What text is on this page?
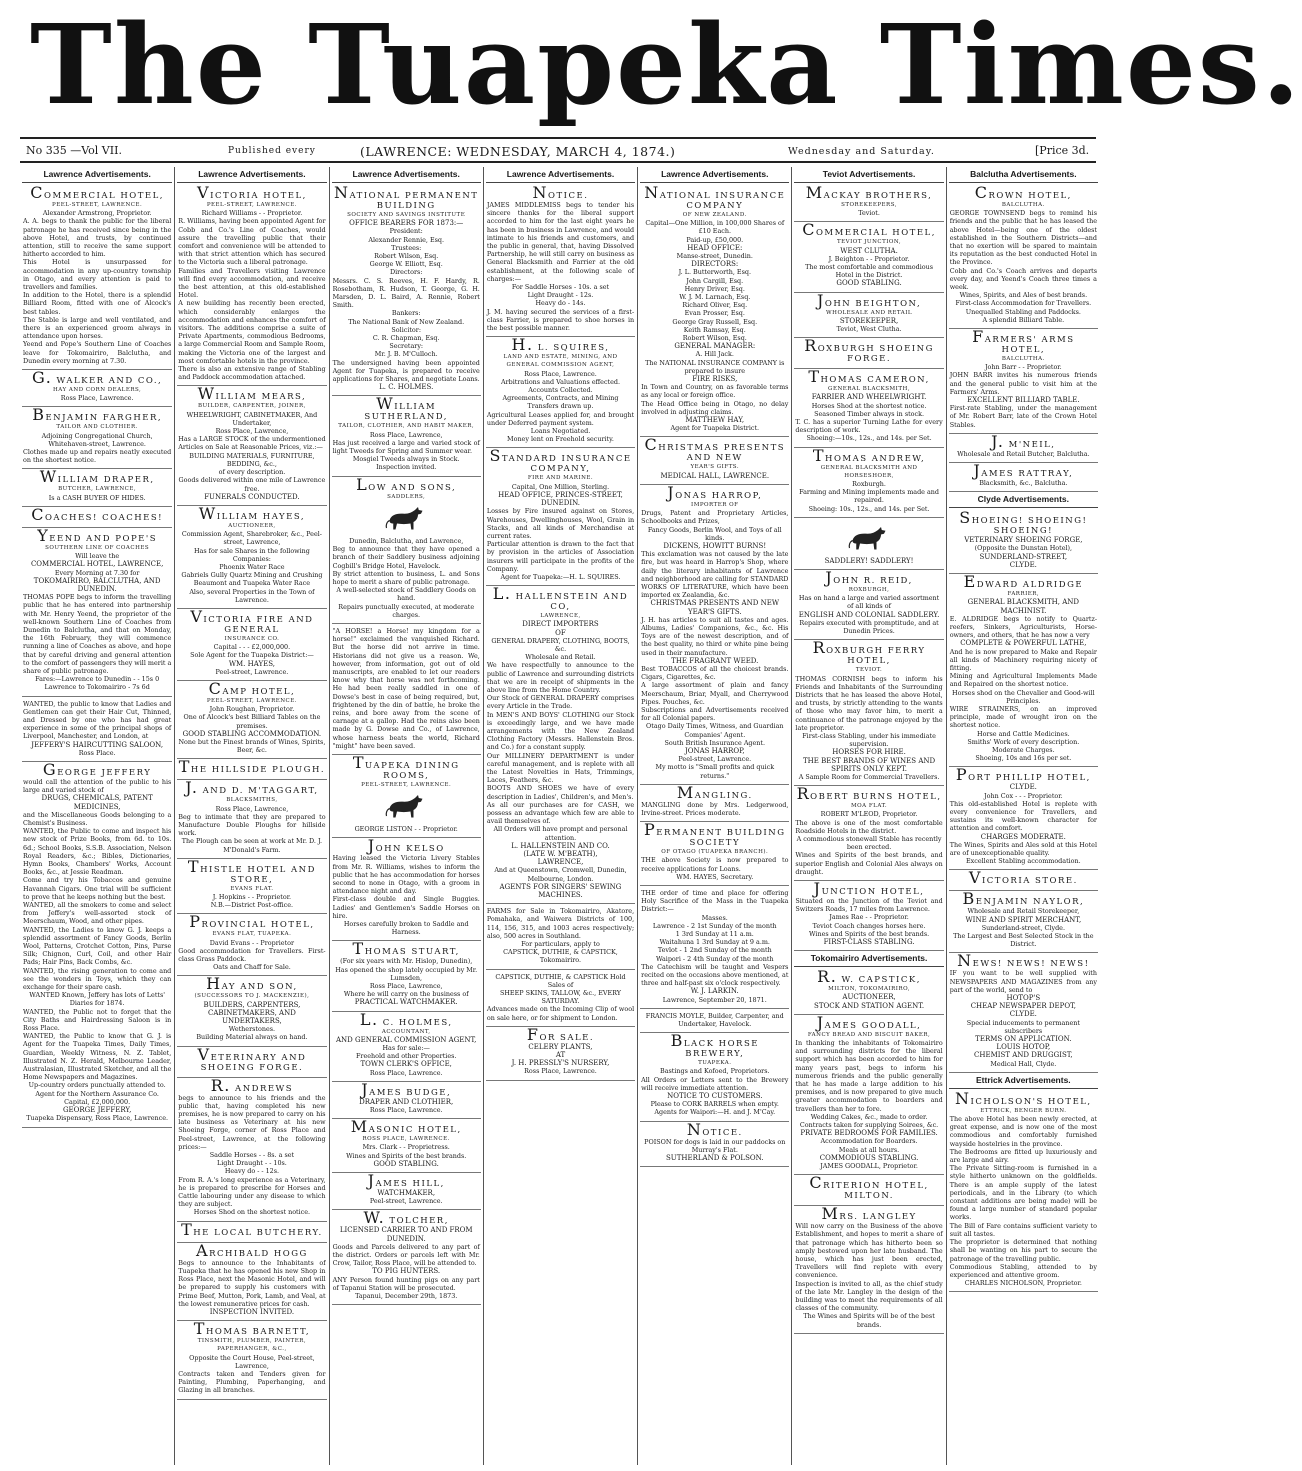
The Tuapeka Times.
No 335 —Vol VII.	Published every	(LAWRENCE: WEDNESDAY, MARCH 4, 1874.)	Wednesday and Saturday.	[Price 3d.
Lawrence Advertisements.
COMMERCIAL HOTEL,
PEEL-STREET, LAWRENCE.
Alexander Armstrong, Proprietor.
A. A. begs to thank the public for the liberal patronage he has received since being in the above Hotel, and trusts, by continued attention, still to receive the same support hitherto accorded to him.
This Hotel is unsurpassed for accommodation in any up-country township in Otago, and every attention is paid to travellers and families.
In addition to the Hotel, there is a splendid Billiard Room, fitted with one of Alcock's best tables.
The Stable is large and well ventilated, and there is an experienced groom always in attendance upon horses.
Yeend and Pope's Southern Line of Coaches leave for Tokomairiro, Balclutha, and Dunedin every morning at 7.30.
G. WALKER AND CO.,
HAY AND CORN DEALERS,
Ross Place, Lawrence.
BENJAMIN FARGHER,
TAILOR AND CLOTHIER.
Adjoining Congregational Church,
Whitehaven-street, Lawrence.
Clothes made up and repairs neatly executed on the shortest notice.
WILLIAM DRAPER,
BUTCHER, LAWRENCE,
Is a CASH BUYER OF HIDES.
COACHES! COACHES!
YEEND AND POPE'S
SOUTHERN LINE OF COACHES
Will leave the
COMMERCIAL HOTEL, LAWRENCE,
Every Morning at 7.30 for
TOKOMAIRIRO, BALCLUTHA, AND DUNEDIN.
THOMAS POPE begs to inform the travelling public that he has entered into partnership with Mr. Henry Yeend, the proprietor of the well-known Southern Line of Coaches from Dunedin to Balclutha, and that on Monday, the 16th February, they will commence running a line of Coaches as above, and hope that by careful driving and general attention to the comfort of passengers they will merit a share of public patronage.
Fares:—Lawrence to Dunedin - - 15s 0
Lawrence to Tokomairiro - 7s 6d
WANTED, the public to know that Ladies and Gentlemen can get their Hair Cut, Thinned, and Dressed by one who has had great experience in some of the principal shops of Liverpool, Manchester, and London, at
JEFFERY'S HAIRCUTTING SALOON,
Ross Place.
GEORGE JEFFERY
would call the attention of the public to his large and varied stock of
DRUGS, CHEMICALS, PATENT MEDICINES,
and the Miscellaneous Goods belonging to a Chemist's Business.
WANTED, the Public to come and inspect his new stock of Prize Books, from 6d. to 10s. 6d.; School Books, S.S.B. Association, Nelson Royal Readers, &c.; Bibles, Dictionaries, Hymn Books, Chambers' Works, Account Books, &c., at Jessie Readman.
Come and try his Tobaccos and genuine Havannah Cigars. One trial will be sufficient to prove that he keeps nothing but the best.
WANTED, all the smokers to come and select from Jeffery's well-assorted stock of Meerschaum, Wood, and other pipes.
WANTED, the Ladies to know G. J. keeps a splendid assortment of Fancy Goods, Berlin Wool, Patterns, Crotchet Cotton, Pins, Purse Silk; Chignon, Curl, Coil, and other Hair Pads; Hair Pins, Back Combs, &c.
WANTED, the rising generation to come and see the wonders in Toys, which they can exchange for their spare cash.
WANTED Known, Jeffery has lots of Letts' Diaries for 1874.
WANTED, the Public not to forget that the City Baths and Hairdressing Saloon is in Ross Place.
WANTED, the Public to know that G. J. is Agent for the Tuapeka Times, Daily Times, Guardian, Weekly Witness, N. Z. Tablet, Illustrated N. Z. Herald, Melbourne Leader, Australasian, Illustrated Sketcher, and all the Home Newspapers and Magazines.
Up-country orders punctually attended to.
Agent for the Northern Assurance Co. Capital, £2,000,000.
GEORGE JEFFERY,
Tuapeka Dispensary, Ross Place, Lawrence.
Lawrence Advertisements.
VICTORIA HOTEL,
PEEL-STREET, LAWRENCE.
Richard Williams - - Proprietor.
R. Williams, having been appointed Agent for Cobb and Co.'s Line of Coaches, would assure the travelling public that their comfort and convenience will be attended to with that strict attention which has secured to the Victoria such a liberal patronage.
Families and Travellers visiting Lawrence will find every accommodation, and receive the best attention, at this old-established Hotel.
A new building has recently been erected, which considerably enlarges the accommodation and enhances the comfort of visitors. The additions comprise a suite of Private Apartments, commodious Bedrooms, a large Commercial Room and Sample Room, making the Victoria one of the largest and most comfortable hotels in the province.
There is also an extensive range of Stabling and Paddock accommodation attached.
WILLIAM MEARS,
BUILDER, CARPENTER, JOINER,
WHEELWRIGHT, CABINETMAKER, And Undertaker,
Ross Place, Lawrence,
Has a LARGE STOCK of the undermentioned Articles on Sale at Reasonable Prices, viz.:—
BUILDING MATERIALS, FURNITURE, BEDDING, &c.,
of every description.
Goods delivered within one mile of Lawrence free.
FUNERALS CONDUCTED.
WILLIAM HAYES,
AUCTIONEER,
Commission Agent, Sharebroker, &c., Peel-street, Lawrence,
Has for sale Shares in the following Companies:
Phoenix Water Race
Gabriels Gully Quartz Mining and Crushing
Beaumont and Tuapeka Water Race
Also, several Properties in the Town of Lawrence.
VICTORIA FIRE AND GENERAL
INSURANCE CO.
Capital - - - £2,000,000.
Sole Agent for the Tuapeka District:—
WM. HAYES,
Peel-street, Lawrence.
CAMP HOTEL,
PEEL-STREET, LAWRENCE.
John Roughan, Proprietor.
One of Alcock's best Billiard Tables on the premises.
GOOD STABLING ACCOMMODATION.
None but the Finest brands of Wines, Spirits, Beer, &c.
THE HILLSIDE PLOUGH.
J. AND D. M'TAGGART,
BLACKSMITHS,
Ross Place, Lawrence,
Beg to intimate that they are prepared to Manufacture Double Ploughs for hillside work.
The Plough can be seen at work at Mr. D. J. M'Donald's Farm.
THISTLE HOTEL AND STORE,
EVANS FLAT.
J. Hopkins - - Proprietor.
N.B.—District Post-office.
PROVINCIAL HOTEL,
EVANS FLAT, TUAPEKA.
David Evans - - Proprietor
Good accommodation for Travellers. First-class Grass Paddock.
Oats and Chaff for Sale.
HAY AND SON,
(SUCCESSORS TO J. MACKENZIE),
BUILDERS, CARPENTERS, CABINETMAKERS, AND UNDERTAKERS,
Wetherstones.
Building Material always on hand.
VETERINARY AND SHOEING FORGE.
R. ANDREWS
begs to announce to his friends and the public that, having completed his new premises, he is now prepared to carry on his late business as Veterinary at his new Shoeing Forge, corner of Ross Place and Peel-street, Lawrence, at the following prices:—
Saddle Horses - - 8s. a set
Light Draught - - 10s.
Heavy do - - 12s.
From R. A.'s long experience as a Veterinary, he is prepared to prescribe for Horses and Cattle labouring under any disease to which they are subject.
Horses Shod on the shortest notice.
THE LOCAL BUTCHERY.
ARCHIBALD HOGG
Begs to announce to the Inhabitants of Tuapeka that he has opened his new Shop in Ross Place, next the Masonic Hotel, and will be prepared to supply his customers with Prime Beef, Mutton, Pork, Lamb, and Veal, at the lowest remunerative prices for cash.
INSPECTION INVITED.
THOMAS BARNETT,
TINSMITH, PLUMBER, PAINTER, PAPERHANGER, &C.,
Opposite the Court House, Peel-street, Lawrence,
Contracts taken and Tenders given for Painting, Plumbing, Paperhanging, and Glazing in all branches.
Lawrence Advertisements.
NATIONAL PERMANENT BUILDING
SOCIETY AND SAVINGS INSTITUTE
OFFICE BEARERS FOR 1873:—
President:
Alexander Rennie, Esq.
Trustees:
Robert Wilson, Esq.
George W. Elliott, Esq.
Directors:
Messrs. C. S. Reeves, H. F. Hardy, R. Rosebotham, R. Hudson, T. George, G. H. Marsden, D. L. Baird, A. Rennie, Robert Smith.
Bankers:
The National Bank of New Zealand.
Solicitor:
C. R. Chapman, Esq.
Secretary:
Mr. J. B. M'Culloch.
The undersigned having been appointed Agent for Tuapeka, is prepared to receive applications for Shares, and negotiate Loans.
L. C. HOLMES.
WILLIAM SUTHERLAND,
TAILOR, CLOTHIER, AND HABIT MAKER,
Ross Place, Lawrence,
Has just received a large and varied stock of light Tweeds for Spring and Summer wear.
Mosgiel Tweeds always in Stock.
Inspection invited.
LOW AND SONS,
SADDLERS,
Dunedin, Balclutha, and Lawrence,
Beg to announce that they have opened a branch of their Saddlery business adjoining Cogbill's Bridge Hotel, Havelock.
By strict attention to business, L. and Sons hope to merit a share of public patronage.
A well-selected stock of Saddlery Goods on hand.
Repairs punctually executed, at moderate charges.
"A HORSE! a Horse! my kingdom for a horse!" exclaimed the vanquished Richard. But the horse did not arrive in time. Historians did not give us a reason. We, however, from information, got out of old manuscripts, are enabled to let our readers know why that horse was not forthcoming. He had been really saddled in one of Dowse's best in case of being required, but, frightened by the din of battle, he broke the reins, and bore away from the scene of carnage at a gallop. Had the reins also been made by G. Dowse and Co., of Lawrence, whose harness beats the world, Richard "might" have been saved.
TUAPEKA DINING ROOMS,
PEEL-STREET, LAWRENCE.
GEORGE LISTON - - Proprietor.
JOHN KELSO
Having leased the Victoria Livery Stables from Mr. R. Williams, wishes to inform the public that he has accommodation for horses second to none in Otago, with a groom in attendance night and day.
First-class double and Single Buggies. Ladies' and Gentlemen's Saddle Horses on hire.
Horses carefully broken to Saddle and Harness.
THOMAS STUART,
(For six years with Mr. Hislop, Dunedin),
Has opened the shop lately occupied by Mr. Lumsden,
Ross Place, Lawrence,
Where he will carry on the business of
PRACTICAL WATCHMAKER.
L. C. HOLMES,
ACCOUNTANT,
AND GENERAL COMMISSION AGENT,
Has for sale:—
Freehold and other Properties.
TOWN CLERK'S OFFICE,
Ross Place, Lawrence.
JAMES BUDGE,
DRAPER AND CLOTHIER,
Ross Place, Lawrence.
MASONIC HOTEL,
ROSS PLACE, LAWRENCE.
Mrs. Clark - - Proprietress.
Wines and Spirits of the best brands.
GOOD STABLING.
JAMES HILL,
WATCHMAKER,
Peel-street, Lawrence.
W. TOLCHER,
LICENSED CARRIER TO AND FROM DUNEDIN.
Goods and Parcels delivered to any part of the district. Orders or parcels left with Mr. Crow, Tailor, Ross Place, will be attended to.
TO PIG HUNTERS.
ANY Person found hunting pigs on any part of Tapanui Station will be prosecuted.
Tapanui, December 29th, 1873.
Lawrence Advertisements.
NOTICE.
JAMES MIDDLEMISS begs to tender his sincere thanks for the liberal support accorded to him for the last eight years he has been in business in Lawrence, and would intimate to his friends and customers, and the public in general, that, having Dissolved Partnership, he will still carry on business as General Blacksmith and Farrier at the old establishment, at the following scale of charges:—
For Saddle Horses - 10s. a set
Light Draught - 12s.
Heavy do - 14s.
J. M. having secured the services of a first-class Farrier, is prepared to shoe horses in the best possible manner.
H. L. SQUIRES,
LAND AND ESTATE, MINING, AND GENERAL COMMISSION AGENT,
Ross Place, Lawrence.
Arbitrations and Valuations effected.
Accounts Collected.
Agreements, Contracts, and Mining Transfers drawn up.
Agricultural Leases applied for, and brought under Deferred payment system.
Loans Negotiated.
Money lent on Freehold security.
STANDARD INSURANCE COMPANY,
FIRE AND MARINE.
Capital, One Million, Sterling.
HEAD OFFICE, PRINCES-STREET, DUNEDIN.
Losses by Fire insured against on Stores, Warehouses, Dwellinghouses, Wool, Grain in Stacks, and all kinds of Merchandise at current rates.
Particular attention is drawn to the fact that by provision in the articles of Association insurers will participate in the profits of the Company.
Agent for Tuapeka:—H. L. SQUIRES.
L. HALLENSTEIN AND CO,
LAWRENCE,
DIRECT IMPORTERS
OF
GENERAL DRAPERY, CLOTHING, BOOTS, &c.
Wholesale and Retail.
We have respectfully to announce to the public of Lawrence and surrounding districts that we are in receipt of shipments in the above line from the Home Country.
Our Stock of GENERAL DRAPERY comprises every Article in the Trade.
In MEN'S AND BOYS' CLOTHING our Stock is exceedingly large, and we have made arrangements with the New Zealand Clothing Factory (Messrs. Hallenstein Bros. and Co.) for a constant supply.
Our MILLINERY DEPARTMENT is under careful management, and is replete with all the Latest Novelties in Hats, Trimmings, Laces, Feathers, &c.
BOOTS AND SHOES we have of every description in Ladies', Children's, and Men's.
As all our purchases are for CASH, we possess an advantage which few are able to avail themselves of.
All Orders will have prompt and personal attention.
L. HALLENSTEIN AND CO.
(LATE W. M'BEATH),
LAWRENCE,
And at Queenstown, Cromwell, Dunedin, Melbourne, London.
AGENTS FOR SINGERS' SEWING MACHINES.
FARMS for Sale in Tokomairiro, Akatore, Pomahaka, and Waiwera Districts of 100, 114, 156, 315, and 1003 acres respectively; also, 500 acres in Southland.
For particulars, apply to
CAPSTICK, DUTHIE, & CAPSTICK, Tokomairiro.
CAPSTICK, DUTHIE, & CAPSTICK Hold Sales of
SHEEP SKINS, TALLOW, &c., EVERY SATURDAY.
Advances made on the Incoming Clip of wool on sale here, or for shipment to London.
FOR SALE.
CELERY PLANTS,
AT
J. H. PRESSLY'S NURSERY,
Ross Place, Lawrence.
Lawrence Advertisements.
NATIONAL INSURANCE COMPANY
OF NEW ZEALAND.
Capital—One Million, in 100,000 Shares of £10 Each.
Paid-up, £50,000.
HEAD OFFICE:
Manse-street, Dunedin.
DIRECTORS:
J. L. Butterworth, Esq.
John Cargill, Esq.
Henry Driver, Esq.
W. J. M. Larnach, Esq.
Richard Oliver, Esq.
Evan Prosser, Esq.
George Gray Russell, Esq.
Keith Ramsay, Esq.
Robert Wilson, Esq.
GENERAL MANAGER:
A. Hill Jack.
The NATIONAL INSURANCE COMPANY is prepared to insure
FIRE RISKS,
In Town and Country, on as favorable terms as any local or foreign office.
The Head Office being in Otago, no delay involved in adjusting claims.
MATTHEW HAY,
Agent for Tuapeka District.
CHRISTMAS PRESENTS AND NEW
YEAR'S GIFTS.
MEDICAL HALL, LAWRENCE.
JONAS HARROP,
IMPORTER OF
Drugs, Patent and Proprietary Articles, Schoolbooks and Prizes,
Fancy Goods, Berlin Wool, and Toys of all kinds.
DICKENS, HOWITT BURNS!
This exclamation was not caused by the late fire, but was heard in Harrop's Shop, where daily the literary inhabitants of Lawrence and neighborhood are calling for STANDARD WORKS OF LITERATURE, which have been imported ex Zealandia, &c.
CHRISTMAS PRESENTS AND NEW YEAR'S GIFTS.
J. H. has articles to suit all tastes and ages. Albums, Ladies' Companions, &c., &c. His Toys are of the newest description, and of the best quality, no third or white pine being used in their manufacture.
THE FRAGRANT WEED.
Best TOBACCOS of all the choicest brands. Cigars, Cigarettes, &c.
A large assortment of plain and fancy Meerschaum, Briar, Myall, and Cherrywood Pipes. Pouches, &c.
Subscriptions and Advertisements received for all Colonial papers.
Otago Daily Times, Witness, and Guardian Companies' Agent.
South British Insurance Agent.
JONAS HARROP,
Peel-street, Lawrence.
My motto is "Small profits and quick returns."
MANGLING.
MANGLING done by Mrs. Ledgerwood, Irvine-street. Prices moderate.
PERMANENT BUILDING SOCIETY
OF OTAGO (TUAPEKA BRANCH).
THE above Society is now prepared to receive applications for Loans.
WM. HAYES, Secretary.
THE order of time and place for offering Holy Sacrifice of the Mass in the Tuapeka District:—
Masses.
Lawrence - 2 1st Sunday of the month
1 3rd Sunday at 11 a.m.
Waitahuna 1 3rd Sunday at 9 a.m.
Tevlot - 1 2nd Sunday of the month
Waipori - 2 4th Sunday of the month
The Catechism will be taught and Vespers recited on the occasions above mentioned, at three and half-past six o'clock respectively.
W. J. LARKIN.
Lawrence, September 20, 1871.
FRANCIS MOYLE, Builder, Carpenter, and Undertaker, Havelock.
BLACK HORSE BREWERY,
TUAPEKA.
Bastings and Kofoed, Proprietors.
All Orders or Letters sent to the Brewery will receive immediate attention.
NOTICE TO CUSTOMERS.
Please to CORK BARRELS when empty.
Agents for Waipori:—H. and J. M'Cay.
NOTICE.
POISON for dogs is laid in our paddocks on Murray's Flat.
SUTHERLAND & POLSON.
Teviot Advertisements.
MACKAY BROTHERS,
STOREKEEPERS,
Teviot.
COMMERCIAL HOTEL,
TEVIOT JUNCTION,
WEST CLUTHA.
J. Beighton - - Proprietor.
The most comfortable and commodious Hotel in the District.
GOOD STABLING.
JOHN BEIGHTON,
WHOLESALE AND RETAIL
STOREKEEPER,
Teviot, West Clutha.
ROXBURGH SHOEING FORGE.
THOMAS CAMERON,
GENERAL BLACKSMITH,
FARRIER AND WHEELWRIGHT.
Horses Shod at the shortest notice.
Seasoned Timber always in stock.
T. C. has a superior Turning Lathe for every description of work.
Shoeing:—10s., 12s., and 14s. per Set.
THOMAS ANDREW,
GENERAL BLACKSMITH AND HORSESHOER,
Roxburgh.
Farming and Mining implements made and repaired.
Shoeing: 10s., 12s., and 14s. per Set.
SADDLERY! SADDLERY!
JOHN R. REID,
ROXBURGH,
Has on hand a large and varied assortment of all kinds of
ENGLISH AND COLONIAL SADDLERY.
Repairs executed with promptitude, and at Dunedin Prices.
ROXBURGH FERRY HOTEL,
TEVIOT.
THOMAS CORNISH begs to inform his Friends and Inhabitants of the Surrounding Districts that he has leased the above Hotel, and trusts, by strictly attending to the wants of those who may favor him, to merit a continuance of the patronage enjoyed by the late proprietor.
First-class Stabling, under his immediate supervision.
HORSES FOR HIRE.
THE BEST BRANDS OF WINES AND SPIRITS ONLY KEPT.
A Sample Room for Commercial Travellers.
ROBERT BURNS HOTEL,
MOA FLAT.
ROBERT M'LEOD, Proprietor.
The above is one of the most comfortable Roadside Hotels in the district.
A commodious stonewall Stable has recently been erected.
Wines and Spirits of the best brands, and superior English and Colonial Ales always on draught.
JUNCTION HOTEL,
Situated on the Junction of the Teviot and Switzers Roads, 17 miles from Lawrence.
James Rae - - Proprietor.
Teviot Coach changes horses here.
Wines and Spirits of the best brands.
FIRST-CLASS STABLING.
Tokomairiro Advertisements.
R. W. CAPSTICK,
MILTON, TOKOMAIRIRO,
AUCTIONEER,
STOCK AND STATION AGENT.
JAMES GOODALL,
FANCY BREAD AND BISCUIT BAKER,
In thanking the inhabitants of Tokomairiro and surrounding districts for the liberal support which has been accorded to him for many years past, begs to inform his numerous friends and the public generally that he has made a large addition to his premises, and is now prepared to give much greater accommodation to boarders and travellers than her to fore.
Wedding Cakes, &c., made to order.
Contracts taken for supplying Soirees, &c.
PRIVATE BEDROOMS FOR FAMILIES.
Accommodation for Boarders.
Meals at all hours.
COMMODIOUS STABLING.
JAMES GOODALL, Proprietor.
CRITERION HOTEL, MILTON.
MRS. LANGLEY
Will now carry on the Business of the above Establishment, and hopes to merit a share of that patronage which has hitherto been so amply bestowed upon her late husband. The house, which has just been erected, Travellers will find replete with every convenience.
Inspection is invited to all, as the chief study of the late Mr. Langley in the design of the building was to meet the requirements of all classes of the community.
The Wines and Spirits will be of the best brands.
Balclutha Advertisements.
CROWN HOTEL,
BALCLUTHA.
GEORGE TOWNSEND begs to remind his friends and the public that he has leased the above Hotel—being one of the oldest established in the Southern Districts—and that no exertion will be spared to maintain its reputation as the best conducted Hotel in the Province.
Cobb and Co.'s Coach arrives and departs every day, and Yeend's Coach three times a week.
Wines, Spirits, and Ales of best brands.
First-class Accommodation for Travellers.
Unequalled Stabling and Paddocks.
A splendid Billiard Table.
FARMERS' ARMS HOTEL,
BALCLUTHA.
John Barr - - Proprietor.
JOHN BARR invites his numerous friends and the general public to visit him at the Farmers' Arms.
EXCELLENT BILLIARD TABLE.
First-rate Stabling, under the management of Mr. Robert Barr, late of the Crown Hotel Stables.
J. M'NEIL,
Wholesale and Retail Butcher, Balclutha.
JAMES RATTRAY,
Blacksmith, &c., Balclutha.
Clyde Advertisements.
SHOEING! SHOEING! SHOEING!
VETERINARY SHOEING FORGE,
(Opposite the Dunstan Hotel),
SUNDERLAND-STREET,
CLYDE.
EDWARD ALDRIDGE
FARRIER,
GENERAL BLACKSMITH, AND MACHINIST.
E. ALDRIDGE begs to notify to Quartz-reefers, Sinkers, Agriculturists, Horse-owners, and others, that he has now a very
COMPLETE & POWERFUL LATHE,
And he is now prepared to Make and Repair all kinds of Machinery requiring nicety of fitting.
Mining and Agricultural Implements Made and Repaired on the shortest notice.
Horses shod on the Chevalier and Good-will Principles.
WIRE STRAINERS, on an improved principle, made of wrought iron on the shortest notice.
Horse and Cattle Medicines.
Smiths' Work of every description.
Moderate Charges.
Shoeing, 10s and 16s per set.
PORT PHILLIP HOTEL,
CLYDE.
John Cox - - - Proprietor.
This old-established Hotel is replete with every convenience for Travellers, and sustains its well-known character for attention and comfort.
CHARGES MODERATE.
The Wines, Spirits and Ales sold at this Hotel are of unexceptionable quality.
Excellent Stabling accommodation.
VICTORIA STORE.
BENJAMIN NAYLOR,
Wholesale and Retail Storekeeper,
WINE AND SPIRIT MERCHANT,
Sunderland-street, Clyde.
The Largest and Best Selected Stock in the District.
NEWS! NEWS! NEWS!
IF you want to be well supplied with NEWSPAPERS AND MAGAZINES from any part of the world, send to
HOTOP'S
CHEAP NEWSPAPER DEPOT,
CLYDE.
Special inducements to permanent subscribers
TERMS ON APPLICATION.
LOUIS HOTOP,
CHEMIST AND DRUGGIST,
Medical Hall, Clyde.
Ettrick Advertisements.
NICHOLSON'S HOTEL,
ETTRICK, BENGER BURN.
The above Hotel has been newly erected, at great expense, and is now one of the most commodious and comfortably furnished wayside hostelries in the province.
The Bedrooms are fitted up luxuriously and are large and airy.
The Private Sitting-room is furnished in a style hitherto unknown on the goldfields. There is an ample supply of the latest periodicals, and in the Library (to which constant additions are being made) will be found a large number of standard popular works.
The Bill of Fare contains sufficient variety to suit all tastes.
The proprietor is determined that nothing shall be wanting on his part to secure the patronage of the travelling public.
Commodious Stabling, attended to by experienced and attentive groom.
CHARLES NICHOLSON, Proprietor.
